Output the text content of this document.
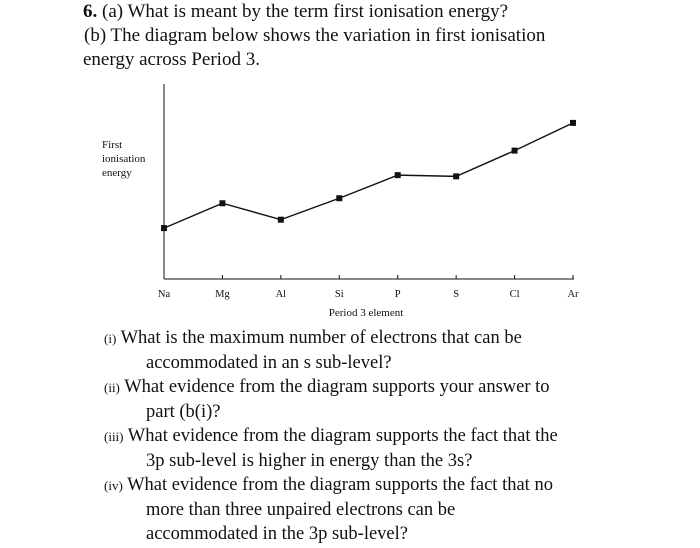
6. (a) What is meant by the term first ionisation energy?
(b) The diagram below shows the variation in first ionisation
energy across Period 3.
First
ionisation
energy
Period 3 element
Na	Mg	Al	Si	P	S	Cl	Ar
(i) What is the maximum number of electrons that can be
accommodated in an s sub-level?
(ii) What evidence from the diagram supports your answer to
part (b(i)?
(iii) What evidence from the diagram supports the fact that the
3p sub-level is higher in energy than the 3s?
(iv) What evidence from the diagram supports the fact that no
more than three unpaired electrons can be
accommodated in the 3p sub-level?
